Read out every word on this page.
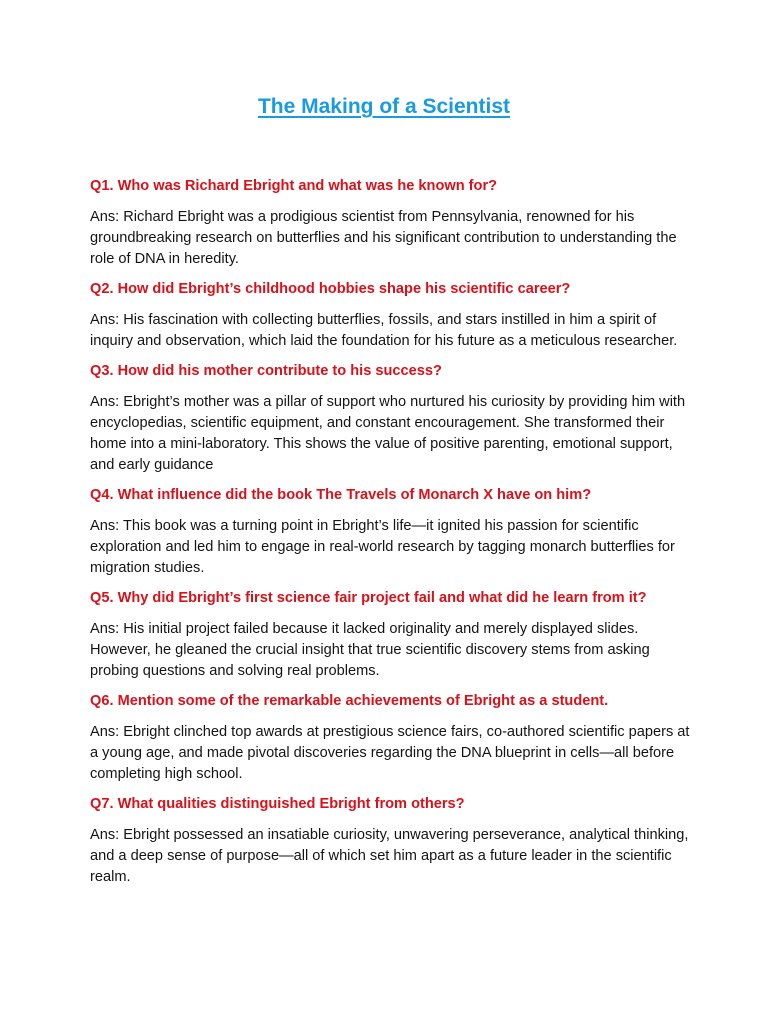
The Making of a Scientist

Q1. Who was Richard Ebright and what was he known for?

Ans: Richard Ebright was a prodigious scientist from Pennsylvania, renowned for his groundbreaking research on butterflies and his significant contribution to understanding the role of DNA in heredity.

Q2. How did Ebright’s childhood hobbies shape his scientific career?

Ans: His fascination with collecting butterflies, fossils, and stars instilled in him a spirit of inquiry and observation, which laid the foundation for his future as a meticulous researcher.

Q3. How did his mother contribute to his success?

Ans: Ebright’s mother was a pillar of support who nurtured his curiosity by providing him with encyclopedias, scientific equipment, and constant encouragement. She transformed their home into a mini-laboratory. This shows the value of positive parenting, emotional support, and early guidance

Q4. What influence did the book The Travels of Monarch X have on him?

Ans: This book was a turning point in Ebright’s life—it ignited his passion for scientific exploration and led him to engage in real-world research by tagging monarch butterflies for migration studies.

Q5. Why did Ebright’s first science fair project fail and what did he learn from it?

Ans: His initial project failed because it lacked originality and merely displayed slides. However, he gleaned the crucial insight that true scientific discovery stems from asking probing questions and solving real problems.

Q6. Mention some of the remarkable achievements of Ebright as a student.

Ans: Ebright clinched top awards at prestigious science fairs, co-authored scientific papers at a young age, and made pivotal discoveries regarding the DNA blueprint in cells—all before completing high school.

Q7. What qualities distinguished Ebright from others?

Ans: Ebright possessed an insatiable curiosity, unwavering perseverance, analytical thinking, and a deep sense of purpose—all of which set him apart as a future leader in the scientific realm.
